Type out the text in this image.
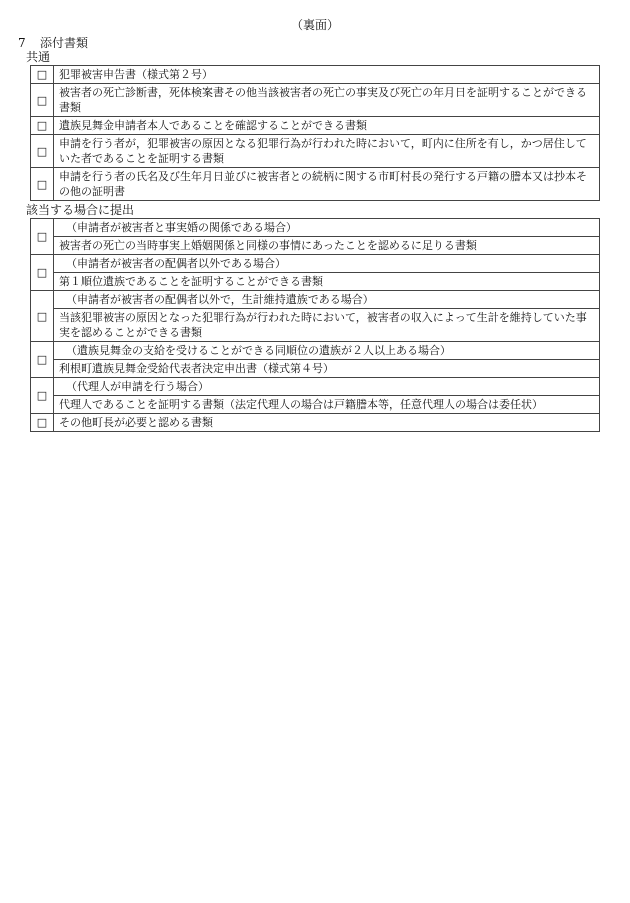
（裏面）
7 添付書類
共通
□	犯罪被害申告書（様式第２号）
□	被害者の死亡診断書，死体検案書その他当該被害者の死亡の事実及び死亡の年月日を証明することができる書類
□	遺族見舞金申請者本人であることを確認することができる書類
□	申請を行う者が，犯罪被害の原因となる犯罪行為が行われた時において，町内に住所を有し，かつ居住していた者であることを証明する書類
□	申請を行う者の氏名及び生年月日並びに被害者との続柄に関する市町村長の発行する戸籍の謄本又は抄本その他の証明書
該当する場合に提出
□	（申請者が被害者と事実婚の関係である場合）
	被害者の死亡の当時事実上婚姻関係と同様の事情にあったことを認めるに足りる書類
□	（申請者が被害者の配偶者以外である場合）
	第１順位遺族であることを証明することができる書類
□	（申請者が被害者の配偶者以外で，生計維持遺族である場合）
	当該犯罪被害の原因となった犯罪行為が行われた時において，被害者の収入によって生計を維持していた事実を認めることができる書類
□	（遺族見舞金の支給を受けることができる同順位の遺族が２人以上ある場合）
	利根町遺族見舞金受給代表者決定申出書（様式第４号）
□	（代理人が申請を行う場合）
	代理人であることを証明する書類（法定代理人の場合は戸籍謄本等，任意代理人の場合は委任状）
□	その他町長が必要と認める書類
